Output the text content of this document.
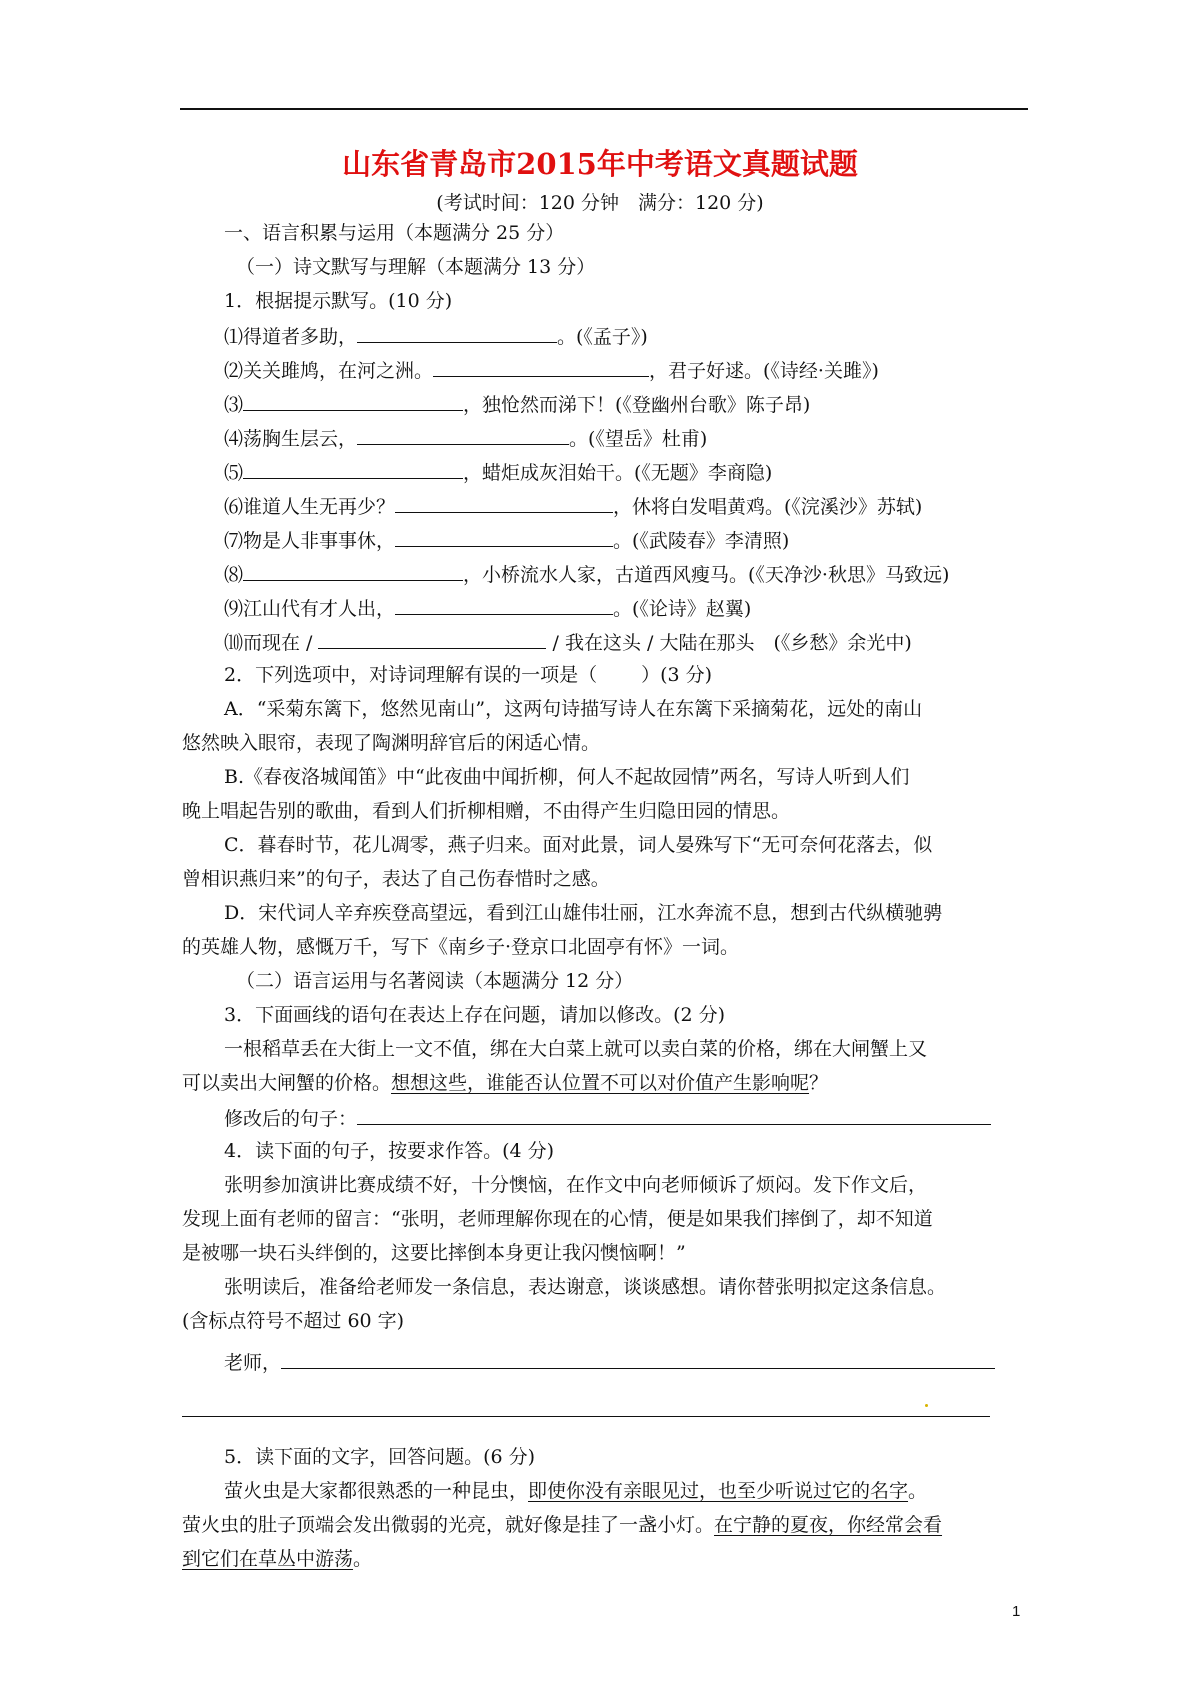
山东省青岛市2015年中考语文真题试题
(考试时间：120 分钟　满分：120 分)
一、语言积累与运用（本题满分 25 分）
（一）诗文默写与理解（本题满分 13 分）
1．根据提示默写。(10 分)
⑴得道者多助，	。(《孟子》)
⑵关关雎鸠，在河之洲。	，君子好逑。(《诗经·关雎》)
⑶	，独怆然而涕下！(《登幽州台歌》陈子昂)
⑷荡胸生层云，	。(《望岳》杜甫)
⑸	，蜡炬成灰泪始干。(《无题》李商隐)
⑹谁道人生无再少？	，休将白发唱黄鸡。(《浣溪沙》苏轼)
⑺物是人非事事休，	。(《武陵春》李清照)
⑻	，小桥流水人家，古道西风瘦马。(《天净沙·秋思》马致远)
⑼江山代有才人出，	。(《论诗》赵翼)
⑽而现在 /	/ 我在这头 / 大陆在那头　(《乡愁》余光中)
2．下列选项中，对诗词理解有误的一项是（ ）(3 分)
A．“采菊东篱下，悠然见南山”，这两句诗描写诗人在东篱下采摘菊花，远处的南山
悠然映入眼帘，表现了陶渊明辞官后的闲适心情。
B.《春夜洛城闻笛》中“此夜曲中闻折柳，何人不起故园情”两名，写诗人听到人们
晚上唱起告别的歌曲，看到人们折柳相赠，不由得产生归隐田园的情思。
C．暮春时节，花儿凋零，燕子归来。面对此景，词人晏殊写下“无可奈何花落去，似
曾相识燕归来”的句子，表达了自己伤春惜时之感。
D．宋代词人辛弃疾登高望远，看到江山雄伟壮丽，江水奔流不息，想到古代纵横驰骋
的英雄人物，感慨万千，写下《南乡子·登京口北固亭有怀》一词。
（二）语言运用与名著阅读（本题满分 12 分）
3．下面画线的语句在表达上存在问题，请加以修改。(2 分)
一根稻草丢在大街上一文不值，绑在大白菜上就可以卖白菜的价格，绑在大闸蟹上又
可以卖出大闸蟹的价格。想想这些，谁能否认位置不可以对价值产生影响呢？
修改后的句子：
4．读下面的句子，按要求作答。(4 分)
张明参加演讲比赛成绩不好，十分懊恼，在作文中向老师倾诉了烦闷。发下作文后，
发现上面有老师的留言：“张明，老师理解你现在的心情，便是如果我们摔倒了，却不知道
是被哪一块石头绊倒的，这要比摔倒本身更让我闪懊恼啊！”
张明读后，准备给老师发一条信息，表达谢意，谈谈感想。请你替张明拟定这条信息。
(含标点符号不超过 60 字)
老师，
5．读下面的文字，回答问题。(6 分)
萤火虫是大家都很熟悉的一种昆虫，即使你没有亲眼见过，也至少听说过它的名字。
萤火虫的肚子顶端会发出微弱的光亮，就好像是挂了一盏小灯。在宁静的夏夜，你经常会看
到它们在草丛中游荡。
1
